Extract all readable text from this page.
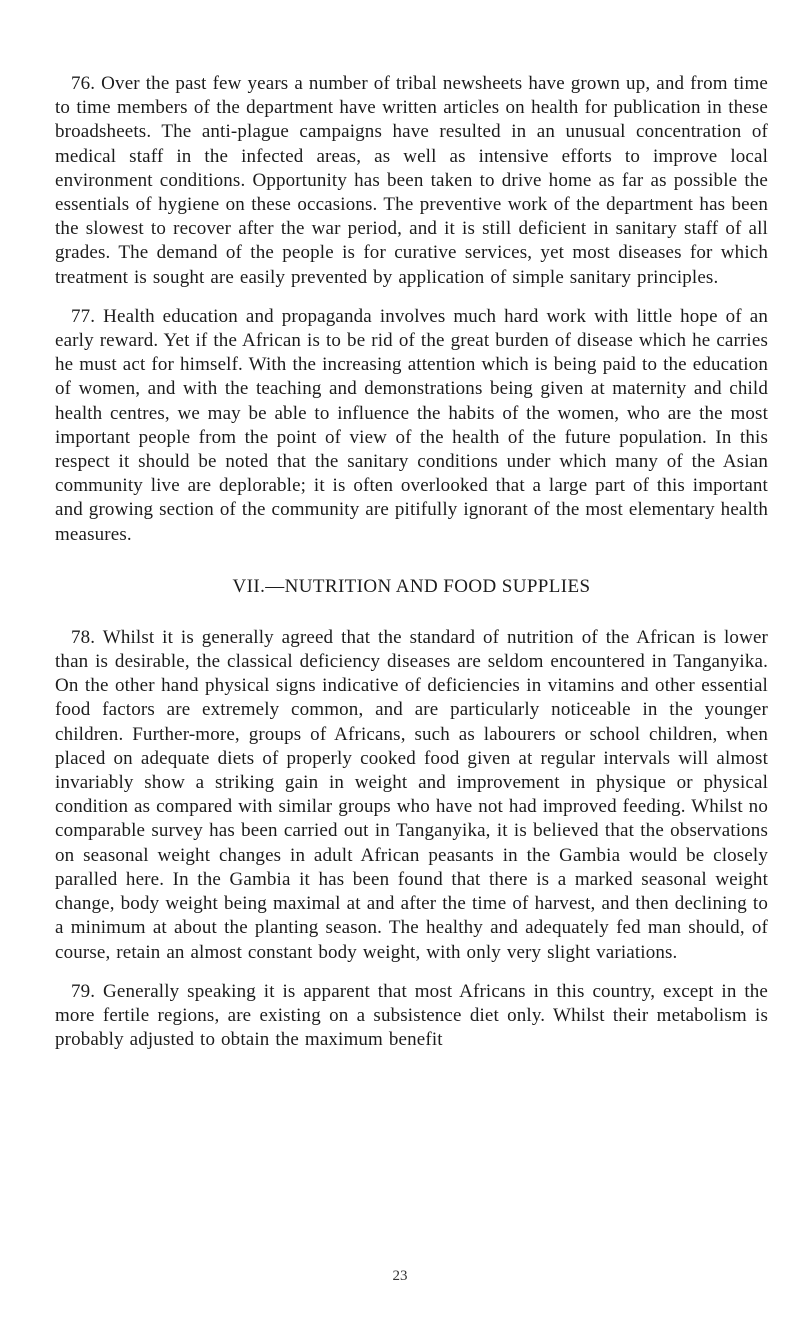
76. Over the past few years a number of tribal newsheets have grown up, and from time to time members of the department have written articles on health for publication in these broadsheets. The anti-plague campaigns have resulted in an unusual concentration of medical staff in the infected areas, as well as intensive efforts to improve local environment conditions. Opportunity has been taken to drive home as far as possible the essentials of hygiene on these occasions. The preventive work of the department has been the slowest to recover after the war period, and it is still deficient in sanitary staff of all grades. The demand of the people is for curative services, yet most diseases for which treatment is sought are easily prevented by application of simple sanitary principles.

77. Health education and propaganda involves much hard work with little hope of an early reward. Yet if the African is to be rid of the great burden of disease which he carries he must act for himself. With the increasing attention which is being paid to the education of women, and with the teaching and demonstrations being given at maternity and child health centres, we may be able to influence the habits of the women, who are the most important people from the point of view of the health of the future population. In this respect it should be noted that the sanitary conditions under which many of the Asian community live are deplorable; it is often overlooked that a large part of this important and growing section of the community are pitifully ignorant of the most elementary health measures.

VII.—NUTRITION AND FOOD SUPPLIES

78. Whilst it is generally agreed that the standard of nutrition of the African is lower than is desirable, the classical deficiency diseases are seldom encountered in Tanganyika. On the other hand physical signs indicative of deficiencies in vitamins and other essential food factors are extremely common, and are particularly noticeable in the younger children. Further-more, groups of Africans, such as labourers or school children, when placed on adequate diets of properly cooked food given at regular intervals will almost invariably show a striking gain in weight and improvement in physique or physical condition as compared with similar groups who have not had improved feeding. Whilst no comparable survey has been carried out in Tanganyika, it is believed that the observations on seasonal weight changes in adult African peasants in the Gambia would be closely paralled here. In the Gambia it has been found that there is a marked seasonal weight change, body weight being maximal at and after the time of harvest, and then declining to a minimum at about the planting season. The healthy and adequately fed man should, of course, retain an almost constant body weight, with only very slight variations.

79. Generally speaking it is apparent that most Africans in this country, except in the more fertile regions, are existing on a subsistence diet only. Whilst their metabolism is probably adjusted to obtain the maximum benefit

23
